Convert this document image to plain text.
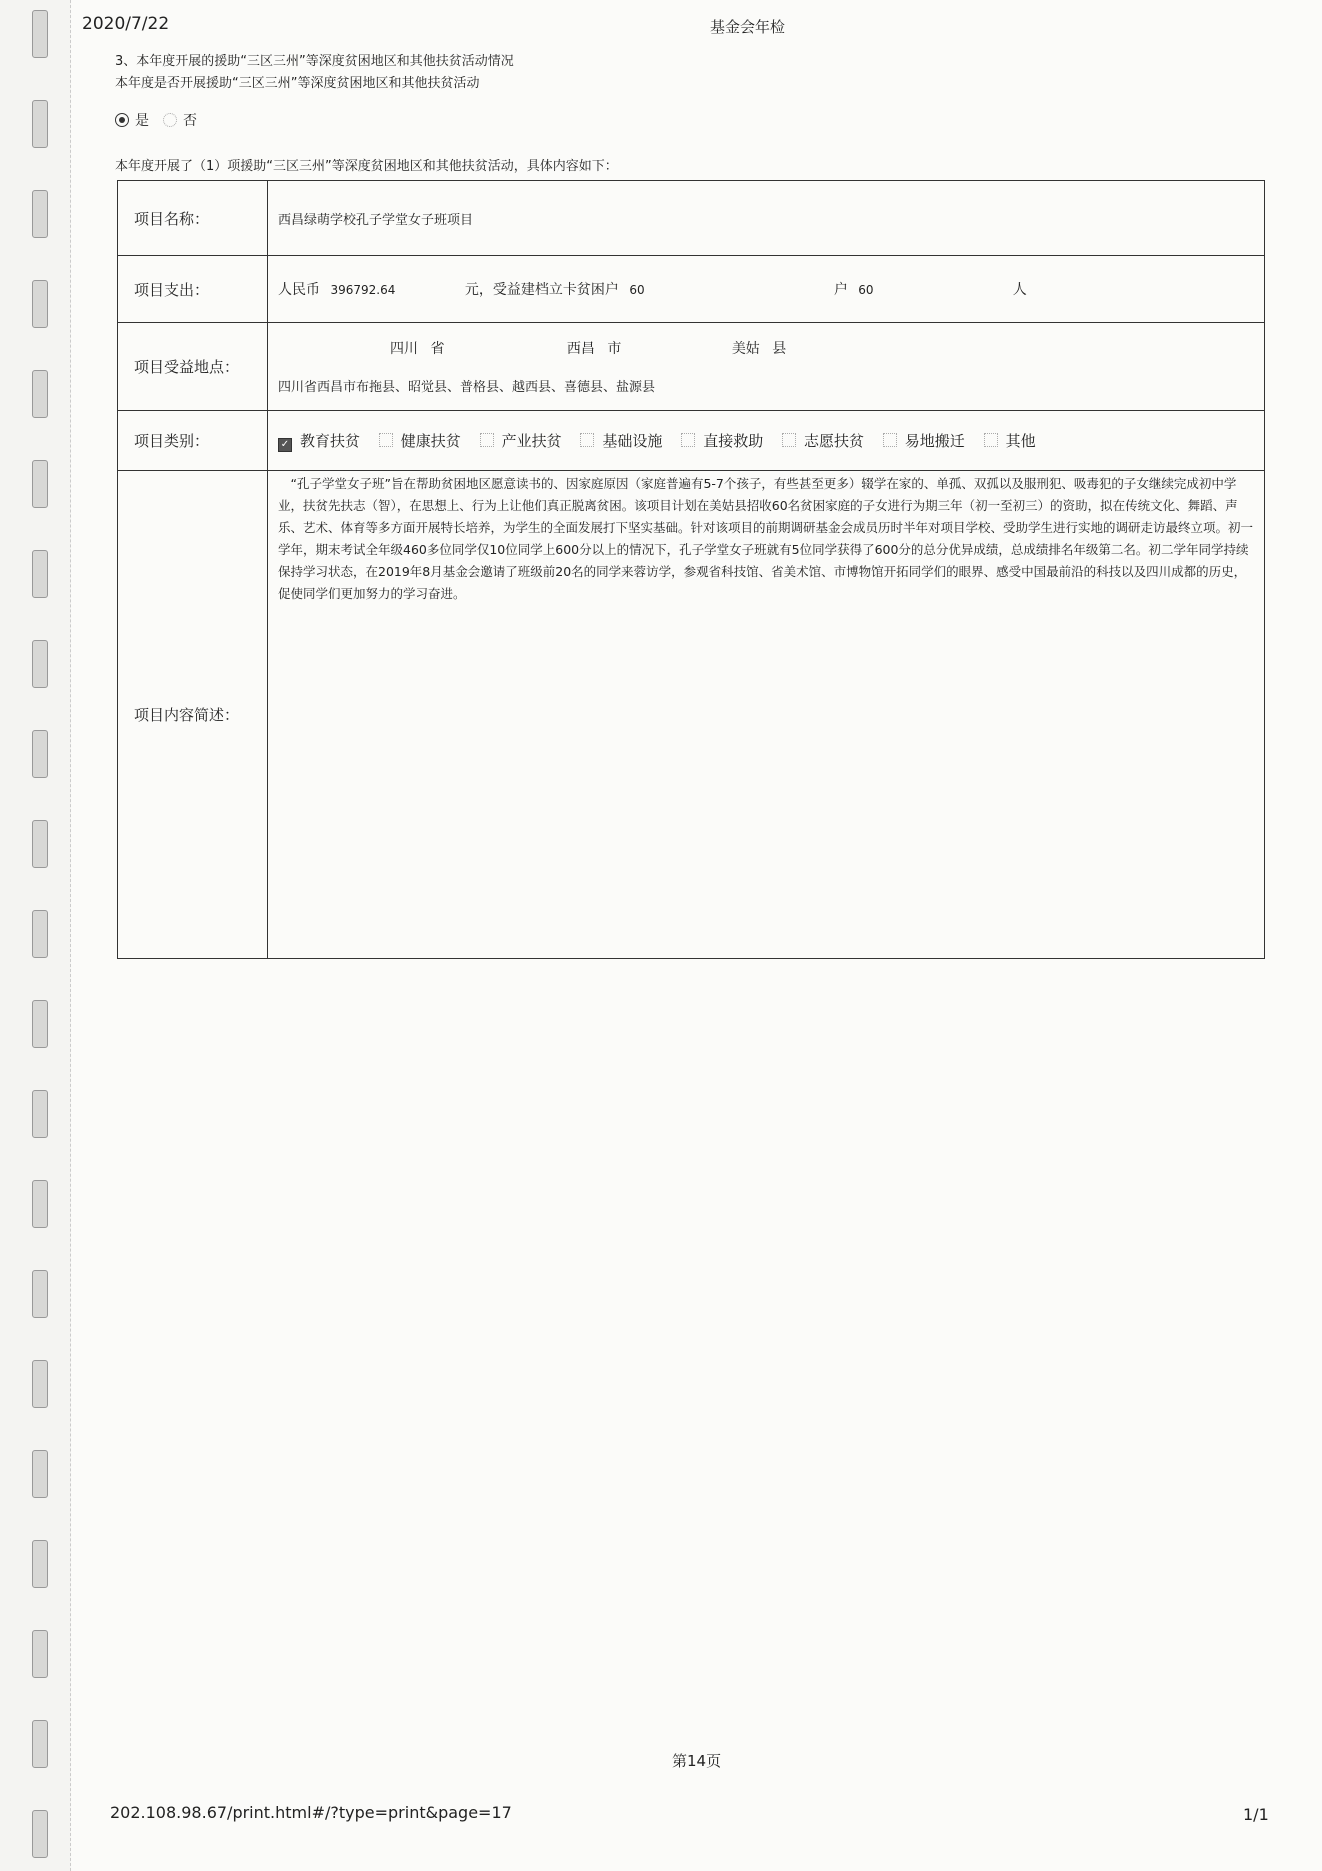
2020/7/22	基金会年检
3、本年度开展的援助“三区三州”等深度贫困地区和其他扶贫活动情况
本年度是否开展援助“三区三州”等深度贫困地区和其他扶贫活动
是 否
本年度开展了（1）项援助“三区三州”等深度贫困地区和其他扶贫活动，具体内容如下：
项目名称：	西昌绿萌学校孔子学堂女子班项目
项目支出：	人民币 396792.64 元，受益建档立卡贫困户 60 户 60 人
项目受益地点：	四川 省 西昌 市 美姑 县
四川省西昌市布拖县、昭觉县、普格县、越西县、喜德县、盐源县

项目类别：	✓ 教育扶贫 健康扶贫 产业扶贫 基础设施 直接救助 志愿扶贫 易地搬迁 其他
项目内容简述：	“孔子学堂女子班”旨在帮助贫困地区愿意读书的、因家庭原因（家庭普遍有5-7个孩子，有些甚至更多）辍学在家的、单孤、双孤以及服刑犯、吸毒犯的子女继续完成初中学业，扶贫先扶志（智），在思想上、行为上让他们真正脱离贫困。该项目计划在美姑县招收60名贫困家庭的子女进行为期三年（初一至初三）的资助，拟在传统文化、舞蹈、声乐、艺术、体育等多方面开展特长培养，为学生的全面发展打下坚实基础。针对该项目的前期调研基金会成员历时半年对项目学校、受助学生进行实地的调研走访最终立项。初一学年，期末考试全年级460多位同学仅10位同学上600分以上的情况下，孔子学堂女子班就有5位同学获得了600分的总分优异成绩，总成绩排名年级第二名。初二学年同学持续保持学习状态，在2019年8月基金会邀请了班级前20名的同学来蓉访学，参观省科技馆、省美术馆、市博物馆开拓同学们的眼界、感受中国最前沿的科技以及四川成都的历史，促使同学们更加努力的学习奋进。
第14页
202.108.98.67/print.html#/?type=print&page=17	1/1
